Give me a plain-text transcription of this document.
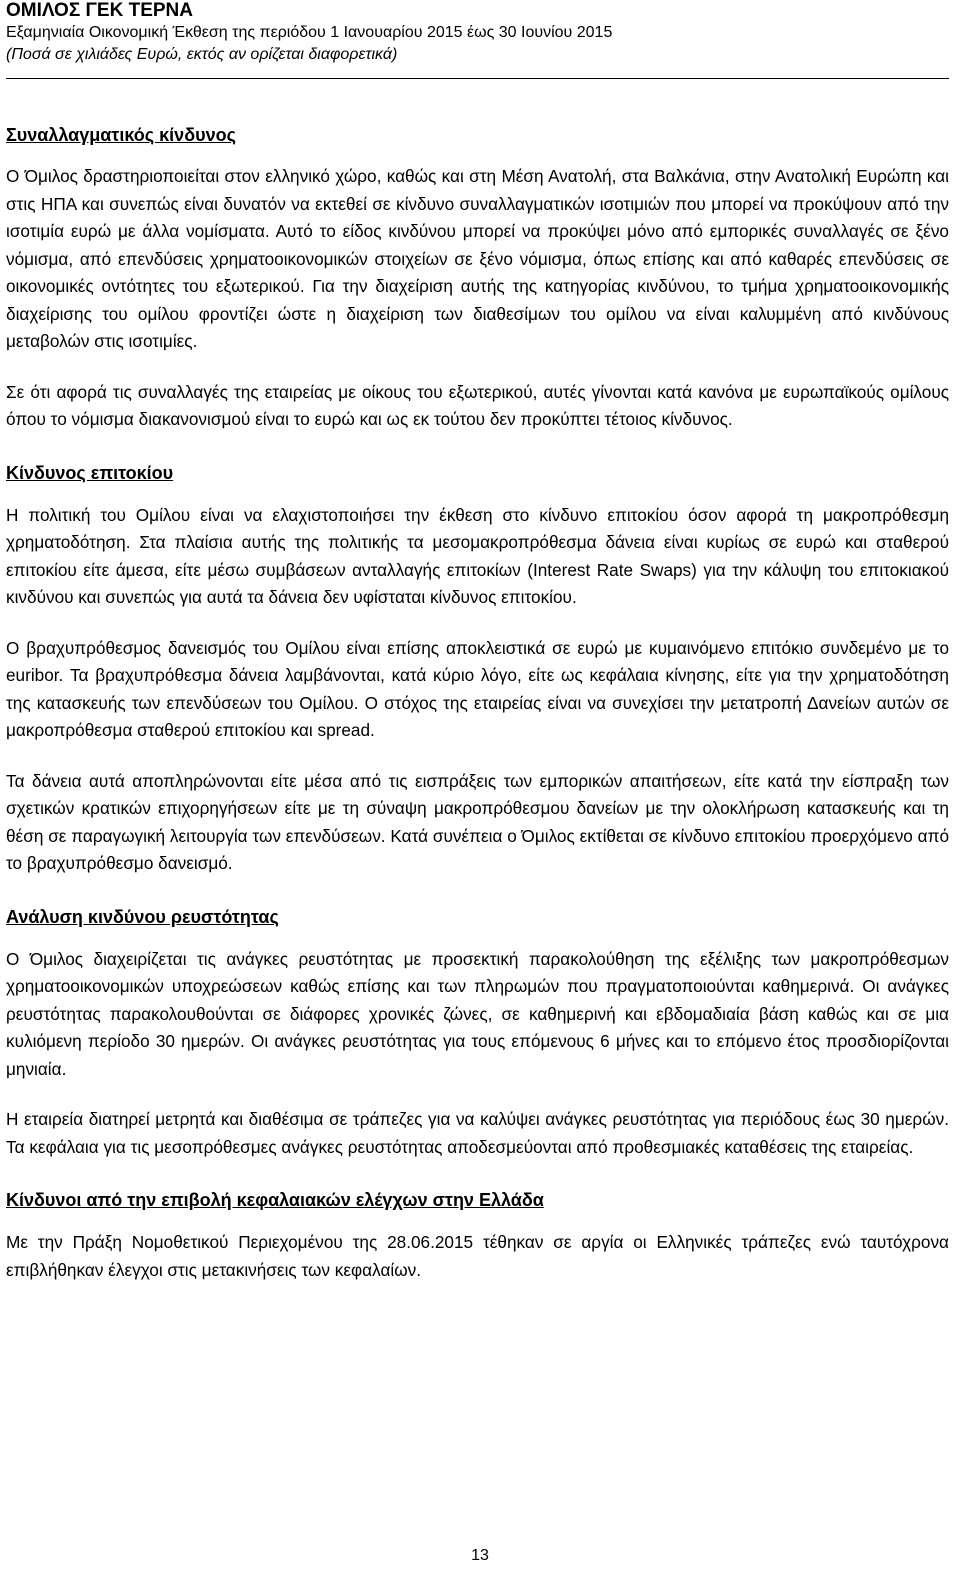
ΟΜΙΛΟΣ ΓΕΚ ΤΕΡΝΑ
Εξαμηνιαία Οικονομική Έκθεση της περιόδου 1 Ιανουαρίου 2015 έως 30 Ιουνίου 2015
(Ποσά σε χιλιάδες Ευρώ, εκτός αν ορίζεται διαφορετικά)
Συναλλαγματικός κίνδυνος

Ο Όμιλος δραστηριοποιείται στον ελληνικό χώρο, καθώς και στη Μέση Ανατολή, στα Βαλκάνια, στην Ανατολική Ευρώπη και στις ΗΠΑ και συνεπώς είναι δυνατόν να εκτεθεί σε κίνδυνο συναλλαγματικών ισοτιμιών που μπορεί να προκύψουν από την ισοτιμία ευρώ με άλλα νομίσματα. Αυτό το είδος κινδύνου μπορεί να προκύψει μόνο από εμπορικές συναλλαγές σε ξένο νόμισμα, από επενδύσεις χρηματοοικονομικών στοιχείων σε ξένο νόμισμα, όπως επίσης και από καθαρές επενδύσεις σε οικονομικές οντότητες του εξωτερικού. Για την διαχείριση αυτής της κατηγορίας κινδύνου, το τμήμα χρηματοοικονομικής διαχείρισης του ομίλου φροντίζει ώστε η διαχείριση των διαθεσίμων του ομίλου να είναι καλυμμένη από κινδύνους μεταβολών στις ισοτιμίες.

Σε ότι αφορά τις συναλλαγές της εταιρείας με οίκους του εξωτερικού, αυτές γίνονται κατά κανόνα με ευρωπαϊκούς ομίλους όπου το νόμισμα διακανονισμού είναι το ευρώ και ως εκ τούτου δεν προκύπτει τέτοιος κίνδυνος.

Κίνδυνος επιτοκίου

Η πολιτική του Ομίλου είναι να ελαχιστοποιήσει την έκθεση στο κίνδυνο επιτοκίου όσον αφορά τη μακροπρόθεσμη χρηματοδότηση. Στα πλαίσια αυτής της πολιτικής τα μεσομακροπρόθεσμα δάνεια είναι κυρίως σε ευρώ και σταθερού επιτοκίου είτε άμεσα, είτε μέσω συμβάσεων ανταλλαγής επιτοκίων (Interest Rate Swaps) για την κάλυψη του επιτοκιακού κινδύνου και συνεπώς για αυτά τα δάνεια δεν υφίσταται κίνδυνος επιτοκίου.

Ο βραχυπρόθεσμος δανεισμός του Ομίλου είναι επίσης αποκλειστικά σε ευρώ με κυμαινόμενο επιτόκιο συνδεμένο με το euribor. Τα βραχυπρόθεσμα δάνεια λαμβάνονται, κατά κύριο λόγο, είτε ως κεφάλαια κίνησης, είτε για την χρηματοδότηση της κατασκευής των επενδύσεων του Ομίλου. Ο στόχος της εταιρείας είναι να συνεχίσει την μετατροπή Δανείων αυτών σε μακροπρόθεσμα σταθερού επιτοκίου και spread.

Τα δάνεια αυτά αποπληρώνονται είτε μέσα από τις εισπράξεις των εμπορικών απαιτήσεων, είτε κατά την είσπραξη των σχετικών κρατικών επιχορηγήσεων είτε με τη σύναψη μακροπρόθεσμου δανείων με την ολοκλήρωση κατασκευής και τη θέση σε παραγωγική λειτουργία των επενδύσεων. Κατά συνέπεια ο Όμιλος εκτίθεται σε κίνδυνο επιτοκίου προερχόμενο από το βραχυπρόθεσμο δανεισμό.

Ανάλυση κινδύνου ρευστότητας

Ο Όμιλος διαχειρίζεται τις ανάγκες ρευστότητας με προσεκτική παρακολούθηση της εξέλιξης των μακροπρόθεσμων χρηματοοικονομικών υποχρεώσεων καθώς επίσης και των πληρωμών που πραγματοποιούνται καθημερινά. Οι ανάγκες ρευστότητας παρακολουθούνται σε διάφορες χρονικές ζώνες, σε καθημερινή και εβδομαδιαία βάση καθώς και σε μια κυλιόμενη περίοδο 30 ημερών. Οι ανάγκες ρευστότητας για τους επόμενους 6 μήνες και το επόμενο έτος προσδιορίζονται μηνιαία.

Η εταιρεία διατηρεί μετρητά και διαθέσιμα σε τράπεζες για να καλύψει ανάγκες ρευστότητας για περιόδους έως 30 ημερών. Τα κεφάλαια για τις μεσοπρόθεσμες ανάγκες ρευστότητας αποδεσμεύονται από προθεσμιακές καταθέσεις της εταιρείας.

Κίνδυνοι από την επιβολή κεφαλαιακών ελέγχων στην Ελλάδα

Με την Πράξη Νομοθετικού Περιεχομένου της 28.06.2015 τέθηκαν σε αργία οι Ελληνικές τράπεζες ενώ ταυτόχρονα επιβλήθηκαν έλεγχοι στις μετακινήσεις των κεφαλαίων.

13
